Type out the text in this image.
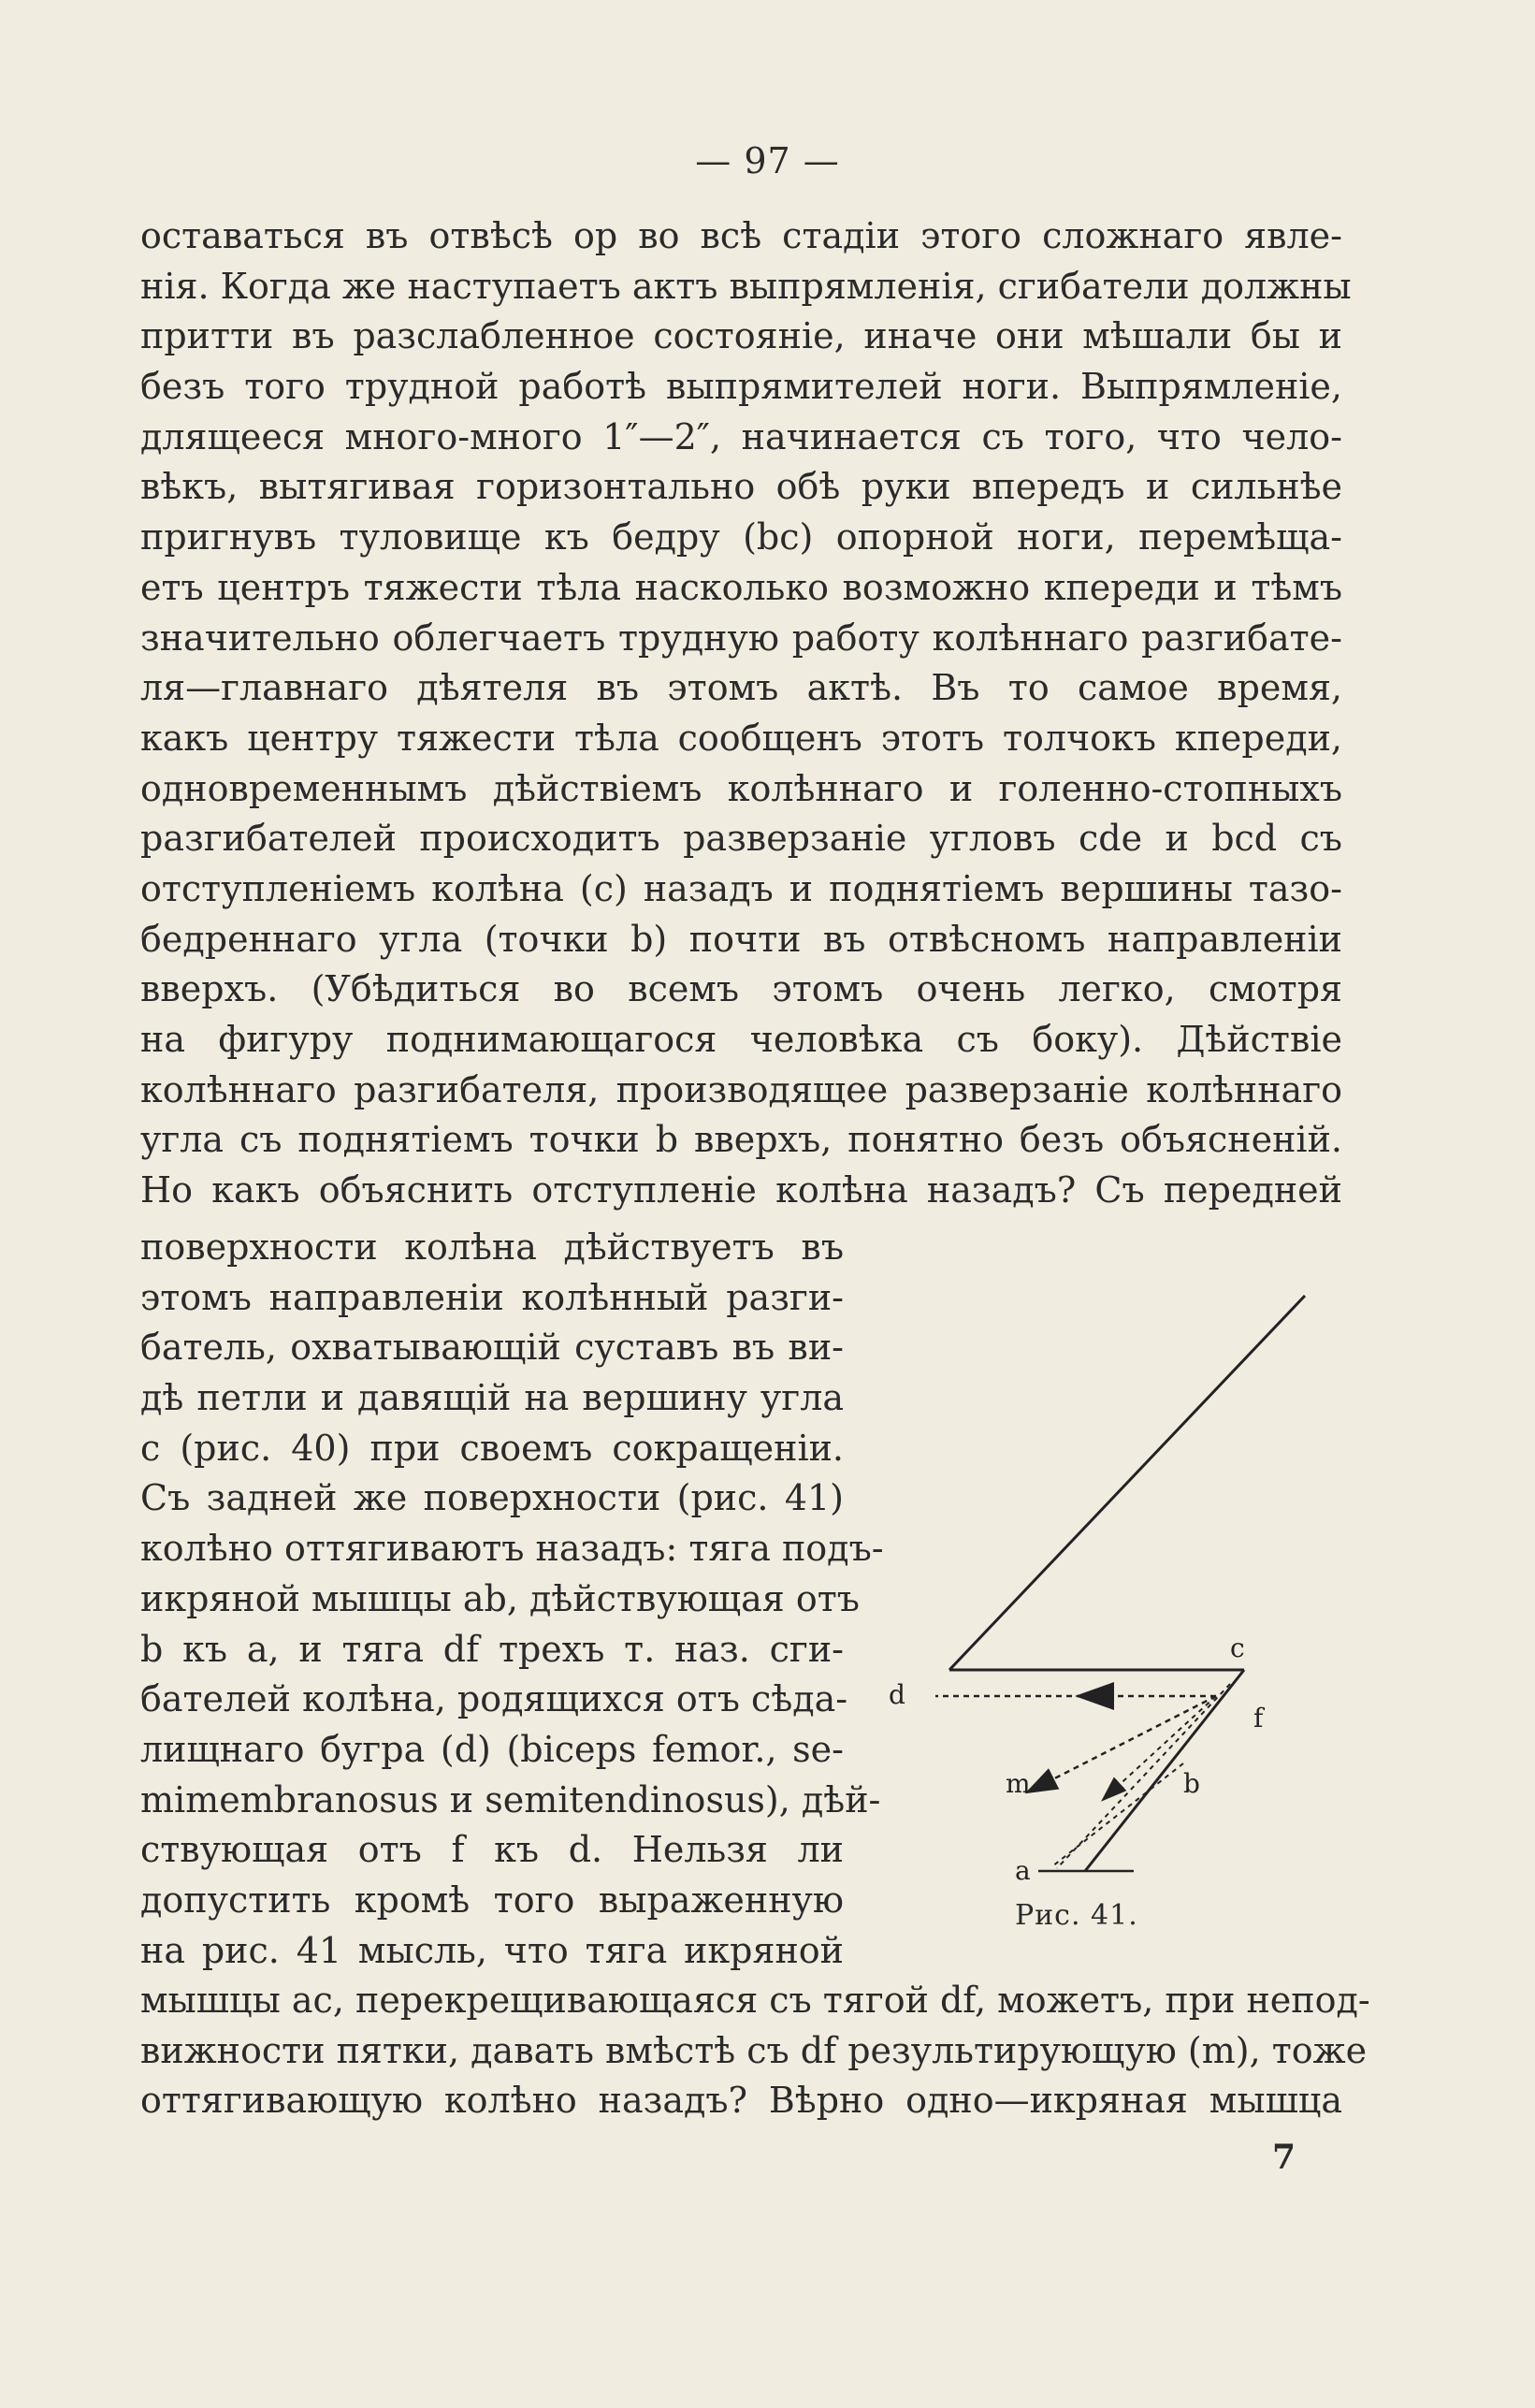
— 97 —
оставаться въ отвѣсѣ op во всѣ стадіи этого сложнаго явле-
нія. Когда же наступаетъ актъ выпрямленія, сгибатели должны
притти въ разслабленное состояніе, иначе они мѣшали бы и
безъ того трудной работѣ выпрямителей ноги. Выпрямленіе,
длящееся много-много 1″—2″, начинается съ того, что чело-
вѣкъ, вытягивая горизонтально обѣ руки впередъ и сильнѣе
пригнувъ туловище къ бедру (bc) опорной ноги, перемѣща-
етъ центръ тяжести тѣла насколько возможно кпереди и тѣмъ
значительно облегчаетъ трудную работу колѣннаго разгибате-
ля—главнаго дѣятеля въ этомъ актѣ. Въ то самое время,
какъ центру тяжести тѣла сообщенъ этотъ толчокъ кпереди,
одновременнымъ дѣйствіемъ колѣннаго и голенно-стопныхъ
разгибателей происходитъ разверзаніе угловъ cde и bcd съ
отступленіемъ колѣна (c) назадъ и поднятіемъ вершины тазо-
бедреннаго угла (точки b) почти въ отвѣсномъ направленіи
вверхъ. (Убѣдиться во всемъ этомъ очень легко, смотря
на фигуру поднимающагося человѣка съ боку). Дѣйствіе
колѣннаго разгибателя, производящее разверзаніе колѣннаго
угла съ поднятіемъ точки b вверхъ, понятно безъ объясненій.
Но какъ объяснить отступленіе колѣна назадъ? Съ передней
поверхности колѣна дѣйствуетъ въ
этомъ направленіи колѣнный разги-
батель, охватывающій суставъ въ ви-
дѣ петли и давящій на вершину угла
c (рис. 40) при своемъ сокращеніи.
Съ задней же поверхности (рис. 41)
колѣно оттягиваютъ назадъ: тяга подъ-
икряной мышцы ab, дѣйствующая отъ
b къ a, и тяга df трехъ т. наз. сги-
бателей колѣна, родящихся отъ сѣда-
лищнаго бугра (d) (biceps femor., se-
mimembranosus и semitendinosus), дѣй-
ствующая отъ f къ d. Нельзя ли
допустить кромѣ того выраженную
на рис. 41 мысль, что тяга икряной
d
c
f
m	b
a
Рис. 41.
мышцы ac, перекрещивающаяся съ тягой df, можетъ, при непод-
вижности пятки, давать вмѣстѣ съ df результирующую (m), тоже
оттягивающую колѣно назадъ? Вѣрно одно—икряная мышца
7
